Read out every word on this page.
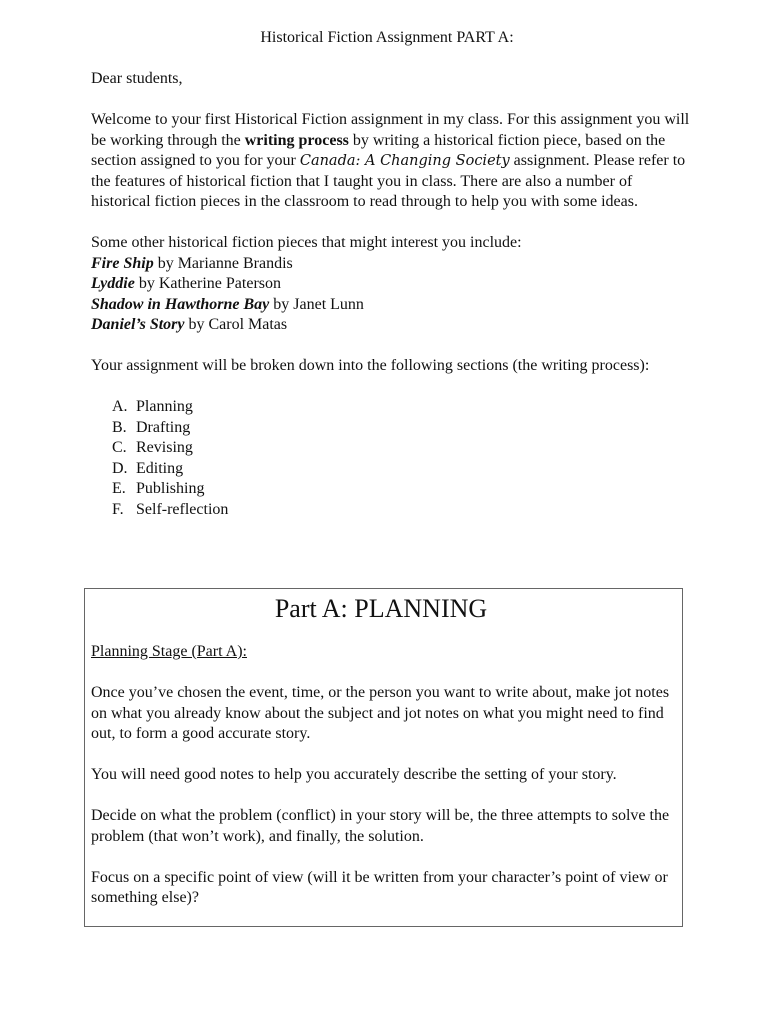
Historical Fiction Assignment PART A:

Dear students,

Welcome to your first Historical Fiction assignment in my class. For this assignment you will be working through the writing process by writing a historical fiction piece, based on the section assigned to you for your Canada: A Changing Society assignment. Please refer to the features of historical fiction that I taught you in class. There are also a number of historical fiction pieces in the classroom to read through to help you with some ideas.

Some other historical fiction pieces that might interest you include:

Fire Ship by Marianne Brandis

Lyddie by Katherine Paterson

Shadow in Hawthorne Bay by Janet Lunn

Daniel’s Story by Carol Matas

Your assignment will be broken down into the following sections (the writing process):

A. Planning
B. Drafting
C. Revising
D. Editing
E. Publishing
F. Self-reflection

Part A: PLANNING

Planning Stage (Part A):

Once you’ve chosen the event, time, or the person you want to write about, make jot notes on what you already know about the subject and jot notes on what you might need to find out, to form a good accurate story.

You will need good notes to help you accurately describe the setting of your story.

Decide on what the problem (conflict) in your story will be, the three attempts to solve the problem (that won’t work), and finally, the solution.

Focus on a specific point of view (will it be written from your character’s point of view or something else)?
